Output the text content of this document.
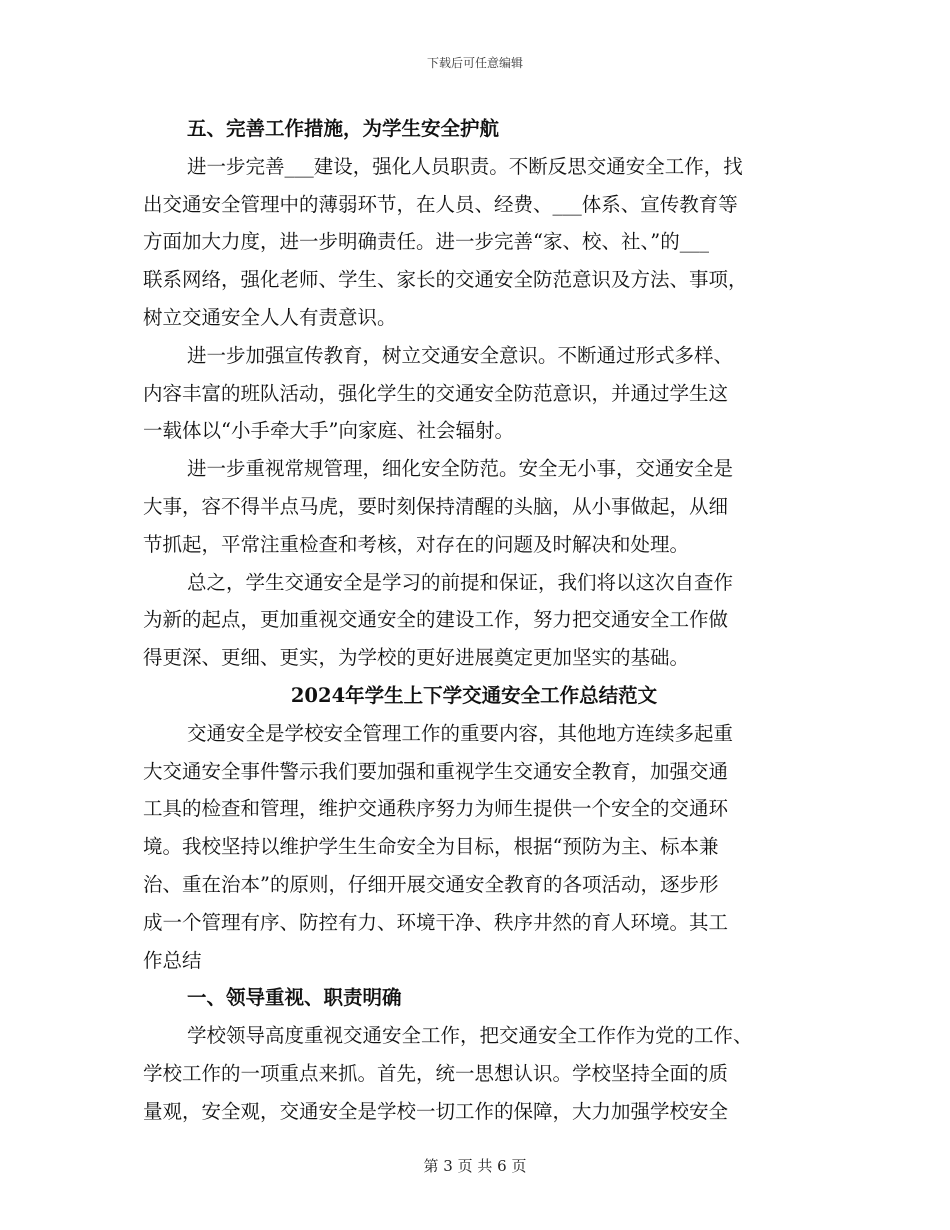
下载后可任意编辑
五、完善工作措施，为学生安全护航
进一步完善___建设，强化人员职责。不断反思交通安全工作，找
出交通安全管理中的薄弱环节，在人员、经费、___体系、宣传教育等
方面加大力度，进一步明确责任。进一步完善“家、校、社、”的___
联系网络，强化老师、学生、家长的交通安全防范意识及方法、事项，
树立交通安全人人有责意识。
进一步加强宣传教育，树立交通安全意识。不断通过形式多样、
内容丰富的班队活动，强化学生的交通安全防范意识，并通过学生这
一载体以“小手牵大手”向家庭、社会辐射。
进一步重视常规管理，细化安全防范。安全无小事，交通安全是
大事，容不得半点马虎，要时刻保持清醒的头脑，从小事做起，从细
节抓起，平常注重检查和考核，对存在的问题及时解决和处理。
总之，学生交通安全是学习的前提和保证，我们将以这次自查作
为新的起点，更加重视交通安全的建设工作，努力把交通安全工作做
得更深、更细、更实，为学校的更好进展奠定更加坚实的基础。
2024年学生上下学交通安全工作总结范文
交通安全是学校安全管理工作的重要内容，其他地方连续多起重
大交通安全事件警示我们要加强和重视学生交通安全教育，加强交通
工具的检查和管理，维护交通秩序努力为师生提供一个安全的交通环
境。我校坚持以维护学生生命安全为目标，根据“预防为主、标本兼
治、重在治本”的原则，仔细开展交通安全教育的各项活动，逐步形
成一个管理有序、防控有力、环境干净、秩序井然的育人环境。其工
作总结
一、领导重视、职责明确
学校领导高度重视交通安全工作，把交通安全工作作为党的工作、
学校工作的一项重点来抓。首先，统一思想认识。学校坚持全面的质
量观，安全观，交通安全是学校一切工作的保障，大力加强学校安全
第 3 页 共 6 页
